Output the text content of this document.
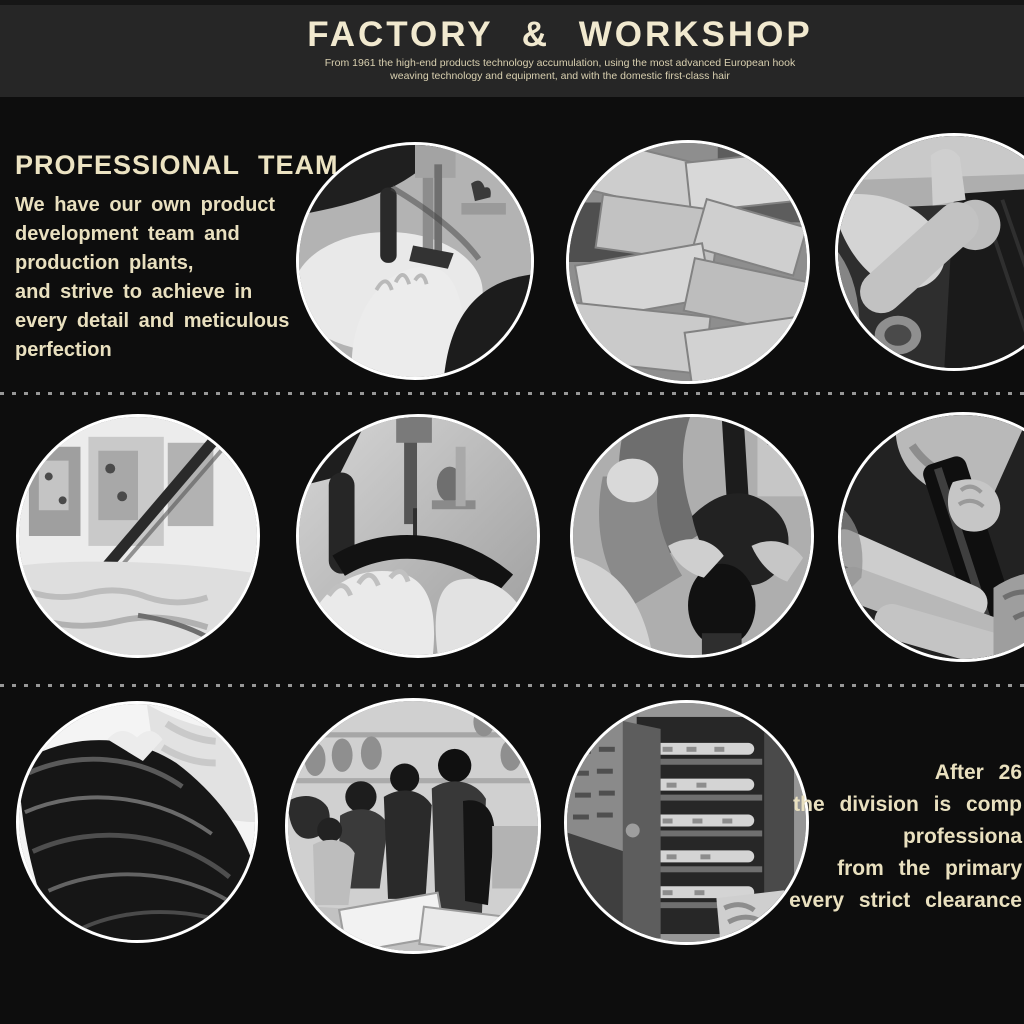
FACTORY & WORKSHOP
From 1961 the high-end products technology accumulation, using the most advanced European hook
weaving technology and equipment, and with the domestic first-class hair
PROFESSIONAL TEAM
We have our own product
development team and
production plants,
and strive to achieve in
every detail and meticulous
perfection
After 26
the division is comp
professiona
from the primary
every strict clearance
